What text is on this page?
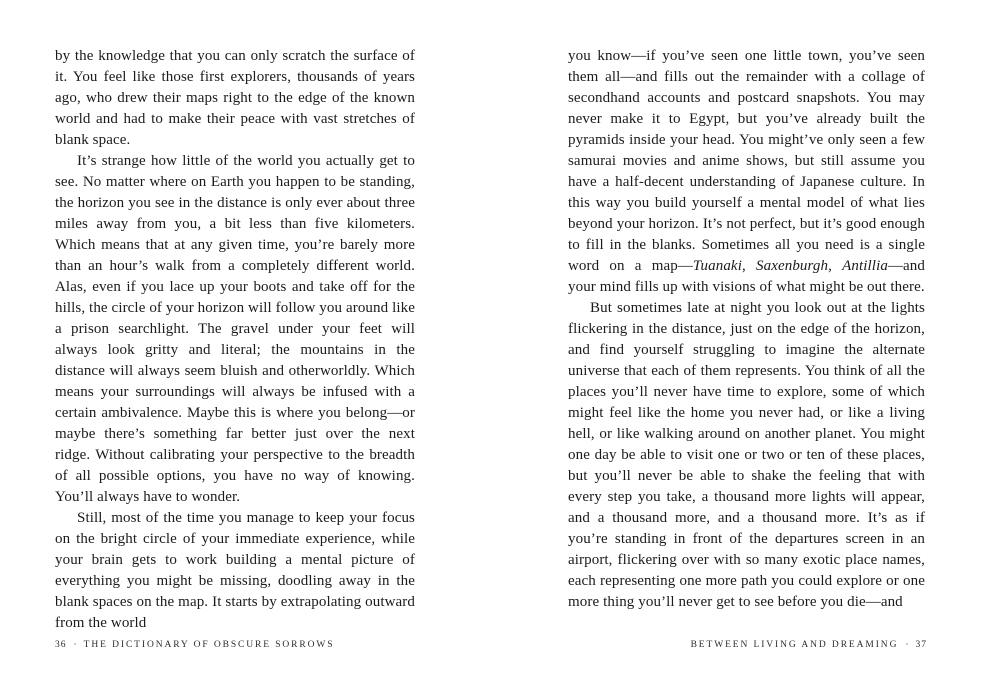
by the knowledge that you can only scratch the surface of it. You feel like those first explorers, thousands of years ago, who drew their maps right to the edge of the known world and had to make their peace with vast stretches of blank space.

It’s strange how little of the world you actually get to see. No matter where on Earth you happen to be standing, the horizon you see in the distance is only ever about three miles away from you, a bit less than five kilometers. Which means that at any given time, you’re barely more than an hour’s walk from a completely different world. Alas, even if you lace up your boots and take off for the hills, the circle of your horizon will follow you around like a prison searchlight. The gravel under your feet will always look gritty and literal; the mountains in the distance will always seem bluish and otherworldly. Which means your surroundings will always be infused with a certain ambivalence. Maybe this is where you belong—or maybe there’s something far better just over the next ridge. Without calibrating your perspective to the breadth of all possible options, you have no way of knowing. You’ll always have to wonder.

Still, most of the time you manage to keep your focus on the bright circle of your immediate experience, while your brain gets to work building a mental picture of everything you might be missing, doodling away in the blank spaces on the map. It starts by extrapolating outward from the world

36 · THE DICTIONARY OF OBSCURE SORROWS

you know—if you’ve seen one little town, you’ve seen them all—and fills out the remainder with a collage of secondhand accounts and postcard snapshots. You may never make it to Egypt, but you’ve already built the pyramids inside your head. You might’ve only seen a few samurai movies and anime shows, but still assume you have a half-decent understanding of Japanese culture. In this way you build yourself a mental model of what lies beyond your horizon. It’s not perfect, but it’s good enough to fill in the blanks. Sometimes all you need is a single word on a map—Tuanaki, Saxenburgh, Antillia—and your mind fills up with visions of what might be out there.

But sometimes late at night you look out at the lights flickering in the distance, just on the edge of the horizon, and find yourself struggling to imagine the alternate universe that each of them represents. You think of all the places you’ll never have time to explore, some of which might feel like the home you never had, or like a living hell, or like walking around on another planet. You might one day be able to visit one or two or ten of these places, but you’ll never be able to shake the feeling that with every step you take, a thousand more lights will appear, and a thousand more, and a thousand more. It’s as if you’re standing in front of the departures screen in an airport, flickering over with so many exotic place names, each representing one more path you could explore or one more thing you’ll never get to see before you die—and

BETWEEN LIVING AND DREAMING · 37
